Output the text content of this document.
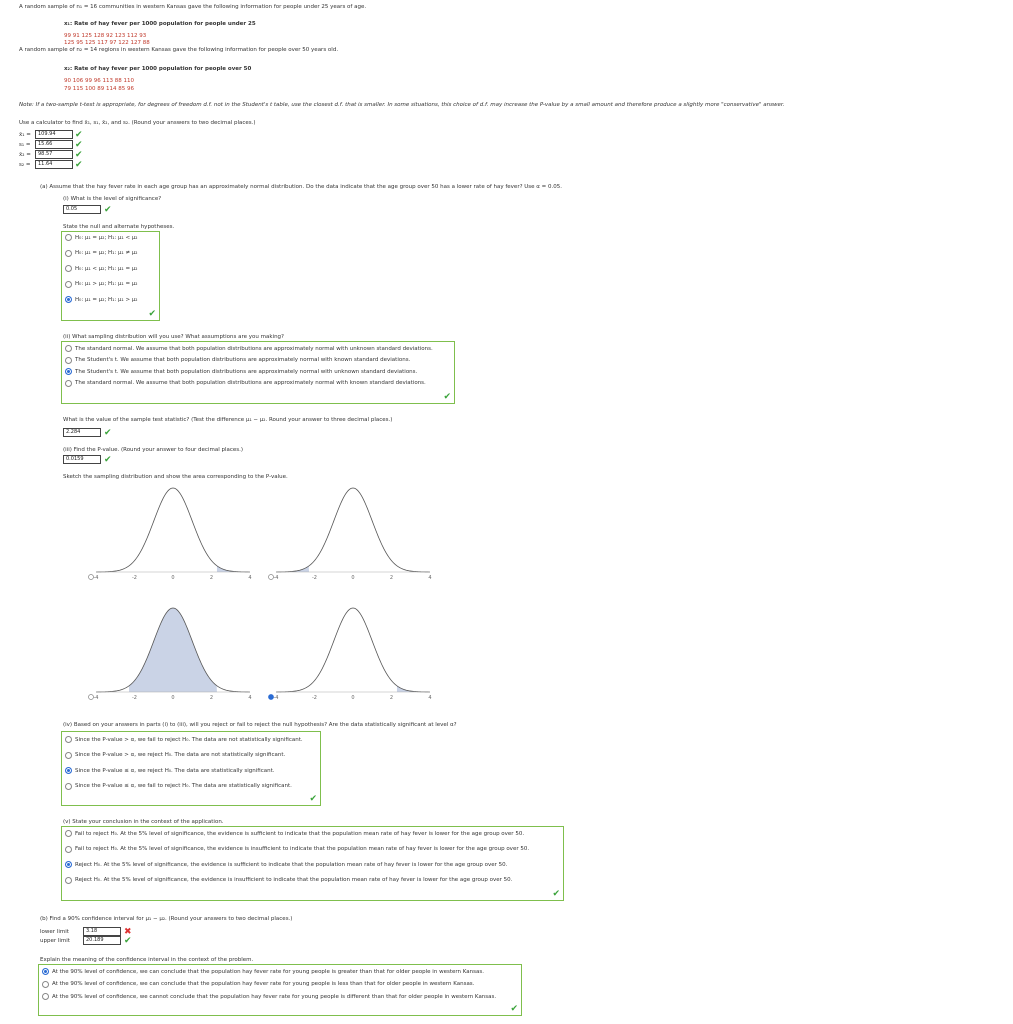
A random sample of n₁ = 16 communities in western Kansas gave the following information for people under 25 years of age.
x₁: Rate of hay fever per 1000 population for people under 25
99 91 125 128 92 123 112 93
125 95 125 117 97 122 127 88
A random sample of n₂ = 14 regions in western Kansas gave the following information for people over 50 years old.
x₂: Rate of hay fever per 1000 population for people over 50
90 106 99 96 113 88 110
79 115 100 89 114 85 96
Note: If a two-sample t-test is appropriate, for degrees of freedom d.f. not in the Student's t table, use the closest d.f. that is smaller. In some situations, this choice of d.f. may increase the P-value by a small amount and therefore produce a slightly more "conservative" answer.
Use a calculator to find x̄₁, s₁, x̄₂, and s₂. (Round your answers to two decimal places.)
x̄₁ =	109.94	✔
s₁ =	15.66	✔
x̄₂ =	98.57	✔
s₂ =	11.64	✔
(a) Assume that the hay fever rate in each age group has an approximately normal distribution. Do the data indicate that the age group over 50 has a lower rate of hay fever? Use α = 0.05.
(i) What is the level of significance?
0.05	✔
State the null and alternate hypotheses.
H₀: μ₁ = μ₂; H₁: μ₁ < μ₂
H₀: μ₁ = μ₂; H₁: μ₁ ≠ μ₂
H₀: μ₁ < μ₂; H₁: μ₁ = μ₂
H₀: μ₁ > μ₂; H₁: μ₁ = μ₂
H₀: μ₁ = μ₂; H₁: μ₁ > μ₂
✔
(ii) What sampling distribution will you use? What assumptions are you making?
The standard normal. We assume that both population distributions are approximately normal with unknown standard deviations.
The Student's t. We assume that both population distributions are approximately normal with known standard deviations.
The Student's t. We assume that both population distributions are approximately normal with unknown standard deviations.
The standard normal. We assume that both population distributions are approximately normal with known standard deviations.
✔
What is the value of the sample test statistic? (Test the difference μ₁ − μ₂. Round your answer to three decimal places.)
2.284	✔
(iii) Find the P-value. (Round your answer to four decimal places.)
0.0159	✔
Sketch the sampling distribution and show the area corresponding to the P-value.
-4	-2	0	2	4	-4	-2	0	2	4
-4	-2	0	2	4	-4	-2	0	2	4
(iv) Based on your answers in parts (i) to (iii), will you reject or fail to reject the null hypothesis? Are the data statistically significant at level α?
Since the P-value > α, we fail to reject H₀. The data are not statistically significant.
Since the P-value > α, we reject H₀. The data are not statistically significant.
Since the P-value ≤ α, we reject H₀. The data are statistically significant.
Since the P-value ≤ α, we fail to reject H₀. The data are statistically significant.
✔
(v) State your conclusion in the context of the application.
Fail to reject H₀. At the 5% level of significance, the evidence is sufficient to indicate that the population mean rate of hay fever is lower for the age group over 50.
Fail to reject H₀. At the 5% level of significance, the evidence is insufficient to indicate that the population mean rate of hay fever is lower for the age group over 50.
Reject H₀. At the 5% level of significance, the evidence is sufficient to indicate that the population mean rate of hay fever is lower for the age group over 50.
Reject H₀. At the 5% level of significance, the evidence is insufficient to indicate that the population mean rate of hay fever is lower for the age group over 50.
✔
(b) Find a 90% confidence interval for μ₁ − μ₂. (Round your answers to two decimal places.)
lower limit	3.18	✖
upper limit	20.189	✔
Explain the meaning of the confidence interval in the context of the problem.
At the 90% level of confidence, we can conclude that the population hay fever rate for young people is greater than that for older people in western Kansas.
At the 90% level of confidence, we can conclude that the population hay fever rate for young people is less than that for older people in western Kansas.
At the 90% level of confidence, we cannot conclude that the population hay fever rate for young people is different than that for older people in western Kansas.
✔
